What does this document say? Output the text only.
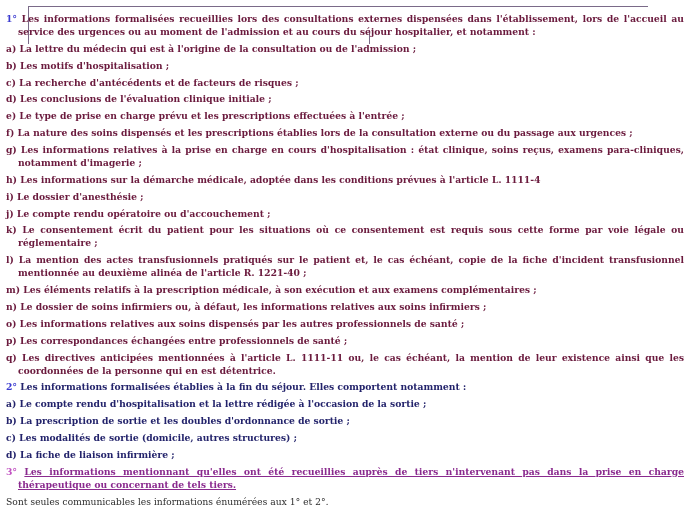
1° Les informations formalisées recueillies lors des consultations externes dispensées dans l'établissement, lors de l'accueil au service des urgences ou au moment de l'admission et au cours du séjour hospitalier, et notamment :

a) La lettre du médecin qui est à l'origine de la consultation ou de l'admission ;

b) Les motifs d'hospitalisation ;

c) La recherche d'antécédents et de facteurs de risques ;

d) Les conclusions de l'évaluation clinique initiale ;

e) Le type de prise en charge prévu et les prescriptions effectuées à l'entrée ;

f) La nature des soins dispensés et les prescriptions établies lors de la consultation externe ou du passage aux urgences ;

g) Les informations relatives à la prise en charge en cours d'hospitalisation : état clinique, soins reçus, examens para-cliniques, notamment d'imagerie ;

h) Les informations sur la démarche médicale, adoptée dans les conditions prévues à l'article L. 1111-4

i) Le dossier d'anesthésie ;

j) Le compte rendu opératoire ou d'accouchement ;

k) Le consentement écrit du patient pour les situations où ce consentement est requis sous cette forme par voie légale ou réglementaire ;

l) La mention des actes transfusionnels pratiqués sur le patient et, le cas échéant, copie de la fiche d'incident transfusionnel mentionnée au deuxième alinéa de l'article R. 1221-40 ;

m) Les éléments relatifs à la prescription médicale, à son exécution et aux examens complémentaires ;

n) Le dossier de soins infirmiers ou, à défaut, les informations relatives aux soins infirmiers ;

o) Les informations relatives aux soins dispensés par les autres professionnels de santé ;

p) Les correspondances échangées entre professionnels de santé ;

q) Les directives anticipées mentionnées à l'article L. 1111-11 ou, le cas échéant, la mention de leur existence ainsi que les coordonnées de la personne qui en est détentrice.

2° Les informations formalisées établies à la fin du séjour. Elles comportent notamment :

a) Le compte rendu d'hospitalisation et la lettre rédigée à l'occasion de la sortie ;

b) La prescription de sortie et les doubles d'ordonnance de sortie ;

c) Les modalités de sortie (domicile, autres structures) ;

d) La fiche de liaison infirmière ;

3° Les informations mentionnant qu'elles ont été recueillies auprès de tiers n'intervenant pas dans la prise en charge thérapeutique ou concernant de tels tiers.

Sont seules communicables les informations énumérées aux 1° et 2°.
